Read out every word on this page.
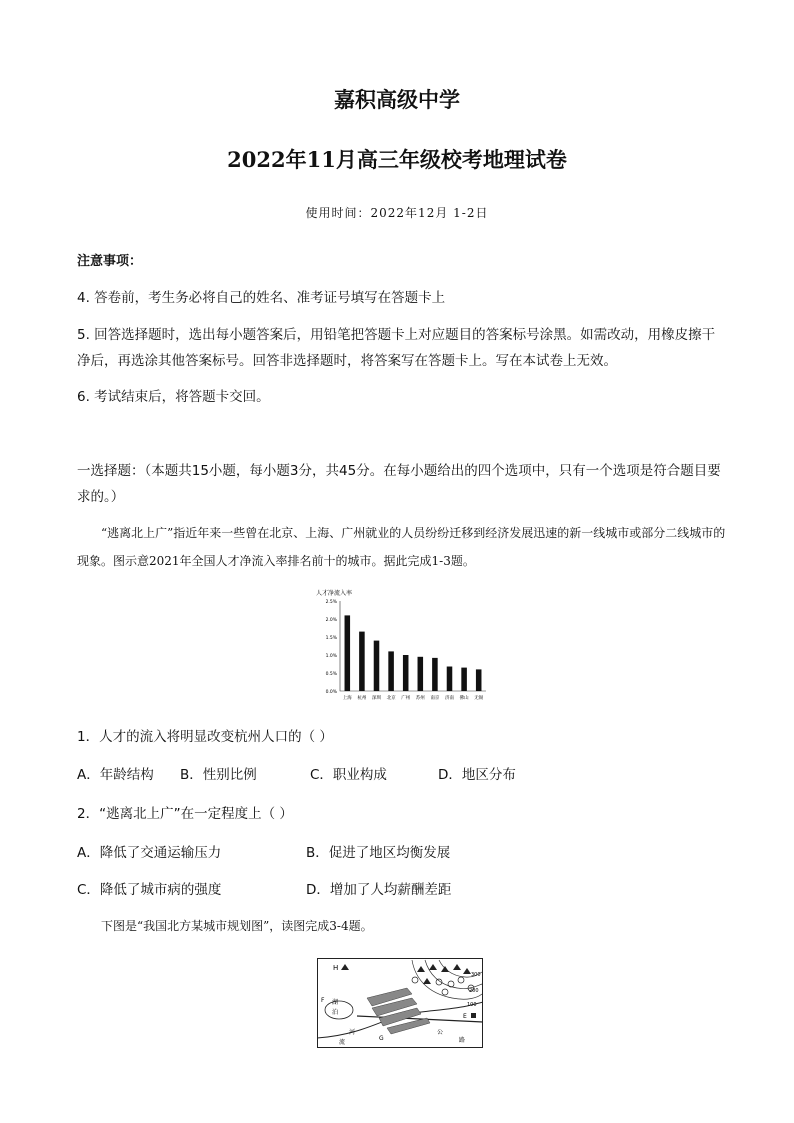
嘉积高级中学
2022年11月高三年级校考地理试卷
使用时间：2022年12月 1-2日
注意事项：
4. 答卷前，考生务必将自己的姓名、准考证号填写在答题卡上
5. 回答选择题时，选出每小题答案后，用铅笔把答题卡上对应题目的答案标号涂黑。如需改动，用橡皮擦干净后，再选涂其他答案标号。回答非选择题时，将答案写在答题卡上。写在本试卷上无效。
6. 考试结束后，将答题卡交回。
一选择题：（本题共15小题，每小题3分，共45分。在每小题给出的四个选项中，只有一个选项是符合题目要求的。）
“逃离北上广”指近年来一些曾在北京、上海、广州就业的人员纷纷迁移到经济发展迅速的新一线城市或部分二线城市的现象。图示意2021年全国人才净流入率排名前十的城市。据此完成1-3题。
人才净流入率
0.0%
0.5%
1.0%
1.5%
2.0%
2.5%
上海 杭州 深圳 北京 广州 苏州 南京 济南 佛山 无锡
1．人才的流入将明显改变杭州人口的（ ）
A．年龄结构 B．性别比例	C．职业构成	D．地区分布
2．“逃离北上广”在一定程度上（ ）
A．降低了交通运输压力	B．促进了地区均衡发展
C．降低了城市病的强度	D．增加了人均薪酬差距
下图是“我国北方某城市规划图”，读图完成3-4题。
H
F 湖
泊
河
流
G
公
路
E
300
200
100
